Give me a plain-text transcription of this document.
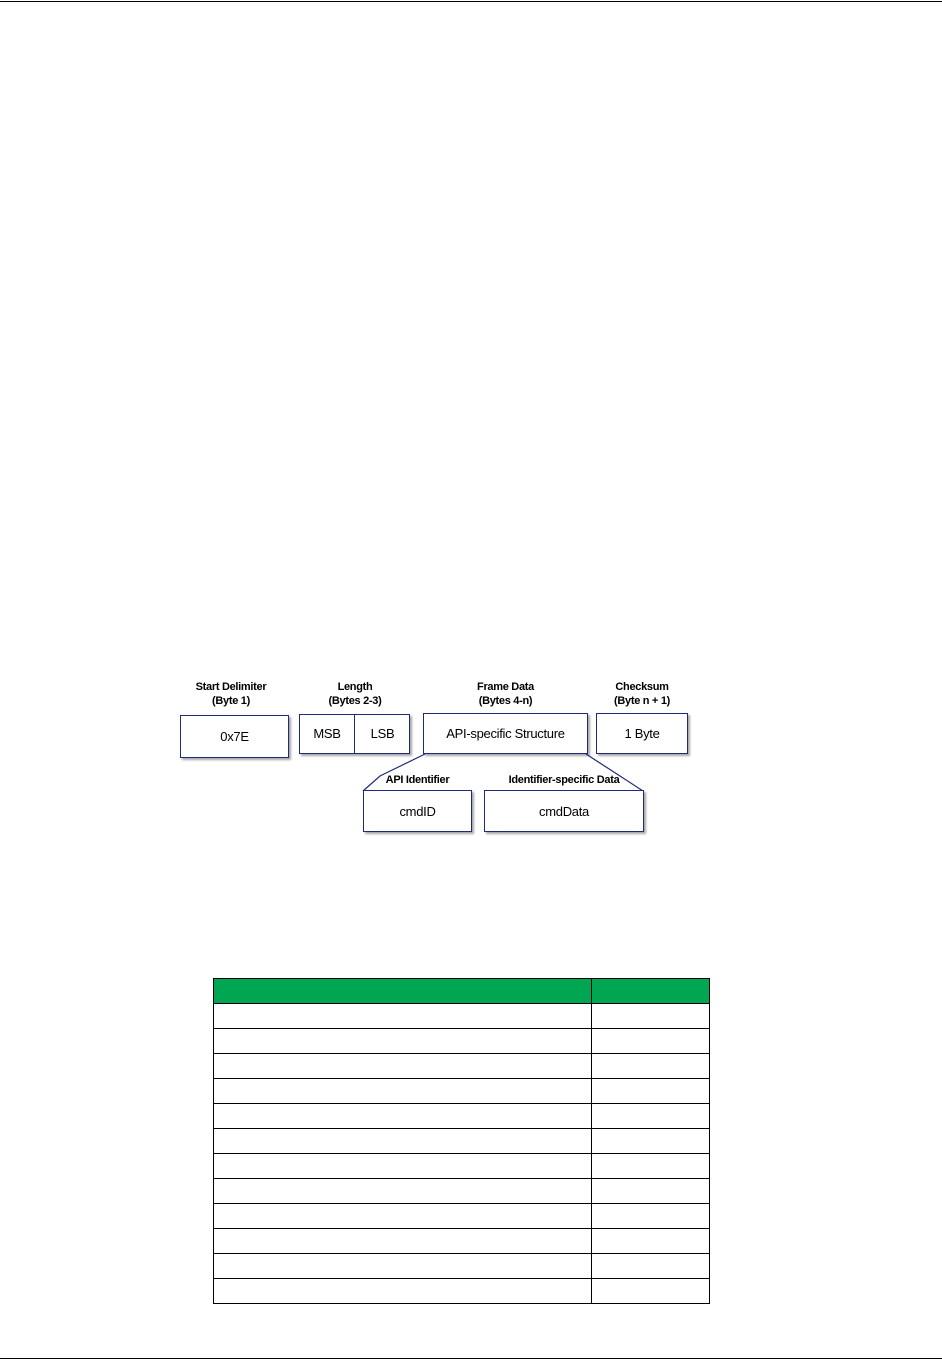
Start Delimiter
(Byte 1)
Length
(Bytes 2-3)
Frame Data
(Bytes 4-n)
Checksum
(Byte n + 1)
0x7E	MSB	LSB	API-specific Structure	1 Byte
API Identifier	Identifier-specific Data
cmdID	cmdData
